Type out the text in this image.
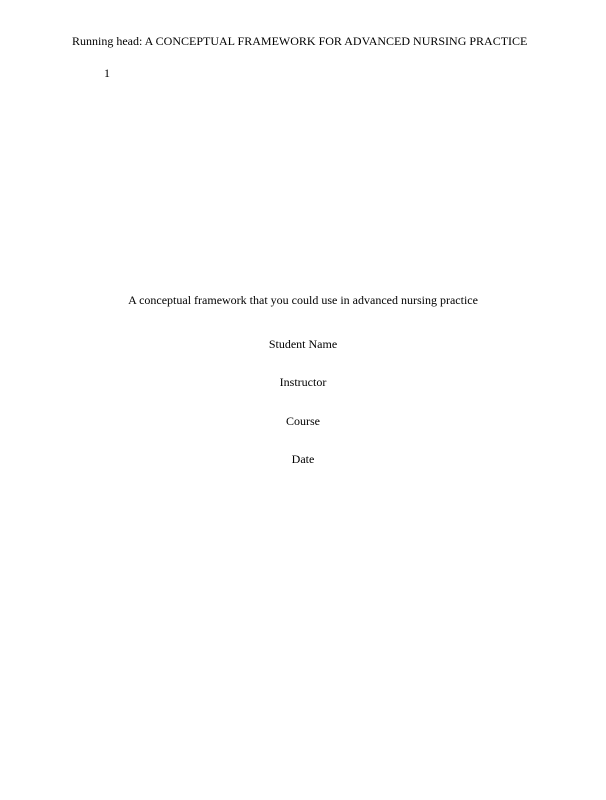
Running head: A CONCEPTUAL FRAMEWORK FOR ADVANCED NURSING PRACTICE
1
A conceptual framework that you could use in advanced nursing practice
Student Name
Instructor
Course
Date
